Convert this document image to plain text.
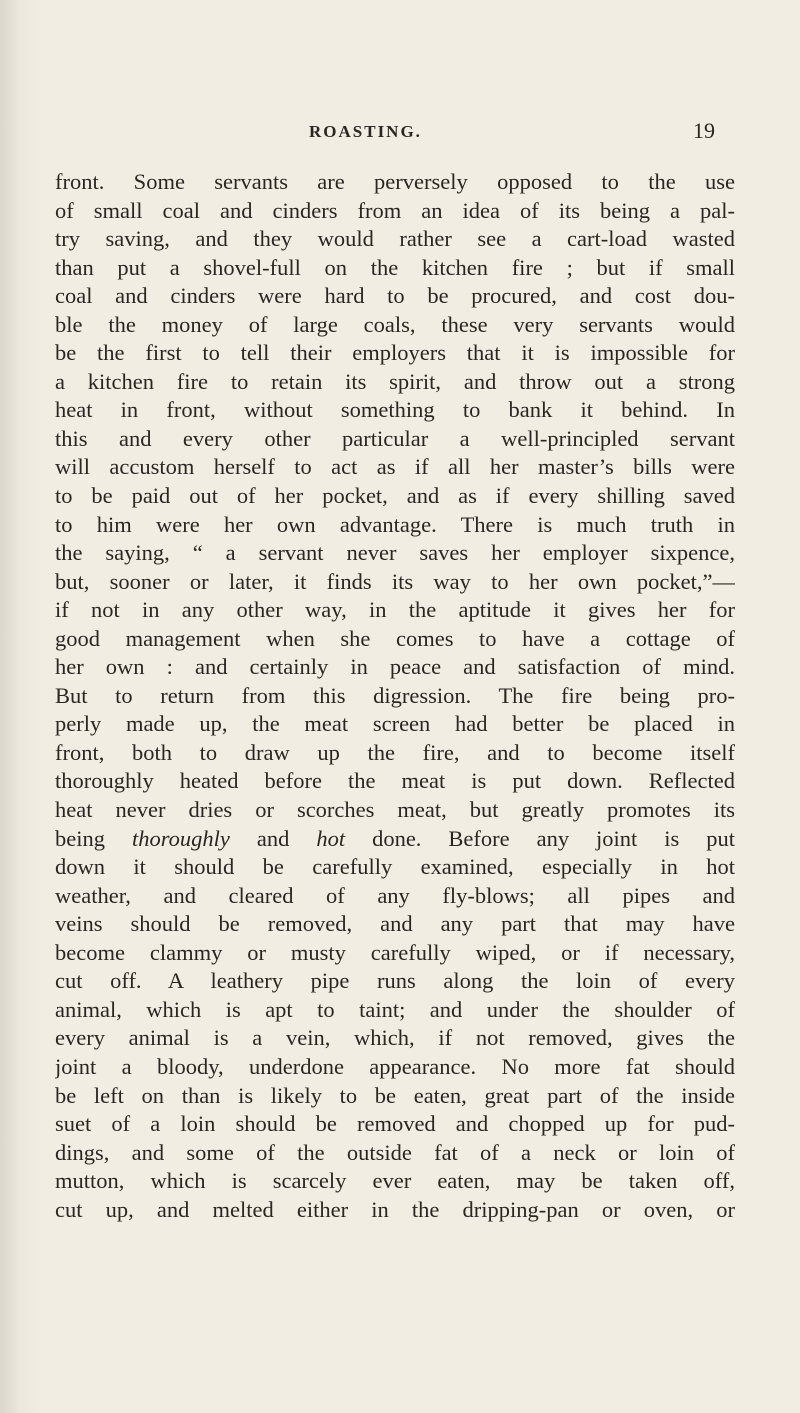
ROASTING.	19
front. Some servants are perversely opposed to the use
of small coal and cinders from an idea of its being a pal-
try saving, and they would rather see a cart-load wasted
than put a shovel-full on the kitchen fire ; but if small
coal and cinders were hard to be procured, and cost dou-
ble the money of large coals, these very servants would
be the first to tell their employers that it is impossible for
a kitchen fire to retain its spirit, and throw out a strong
heat in front, without something to bank it behind. In
this and every other particular a well-principled servant
will accustom herself to act as if all her master’s bills were
to be paid out of her pocket, and as if every shilling saved
to him were her own advantage. There is much truth in
the saying, “ a servant never saves her employer sixpence,
but, sooner or later, it finds its way to her own pocket,”—
if not in any other way, in the aptitude it gives her for
good management when she comes to have a cottage of
her own : and certainly in peace and satisfaction of mind.
But to return from this digression. The fire being pro-
perly made up, the meat screen had better be placed in
front, both to draw up the fire, and to become itself
thoroughly heated before the meat is put down. Reflected
heat never dries or scorches meat, but greatly promotes its
being thoroughly and hot done. Before any joint is put
down it should be carefully examined, especially in hot
weather, and cleared of any fly-blows; all pipes and
veins should be removed, and any part that may have
become clammy or musty carefully wiped, or if necessary,
cut off. A leathery pipe runs along the loin of every
animal, which is apt to taint; and under the shoulder of
every animal is a vein, which, if not removed, gives the
joint a bloody, underdone appearance. No more fat should
be left on than is likely to be eaten, great part of the inside
suet of a loin should be removed and chopped up for pud-
dings, and some of the outside fat of a neck or loin of
mutton, which is scarcely ever eaten, may be taken off,
cut up, and melted either in the dripping-pan or oven, or
